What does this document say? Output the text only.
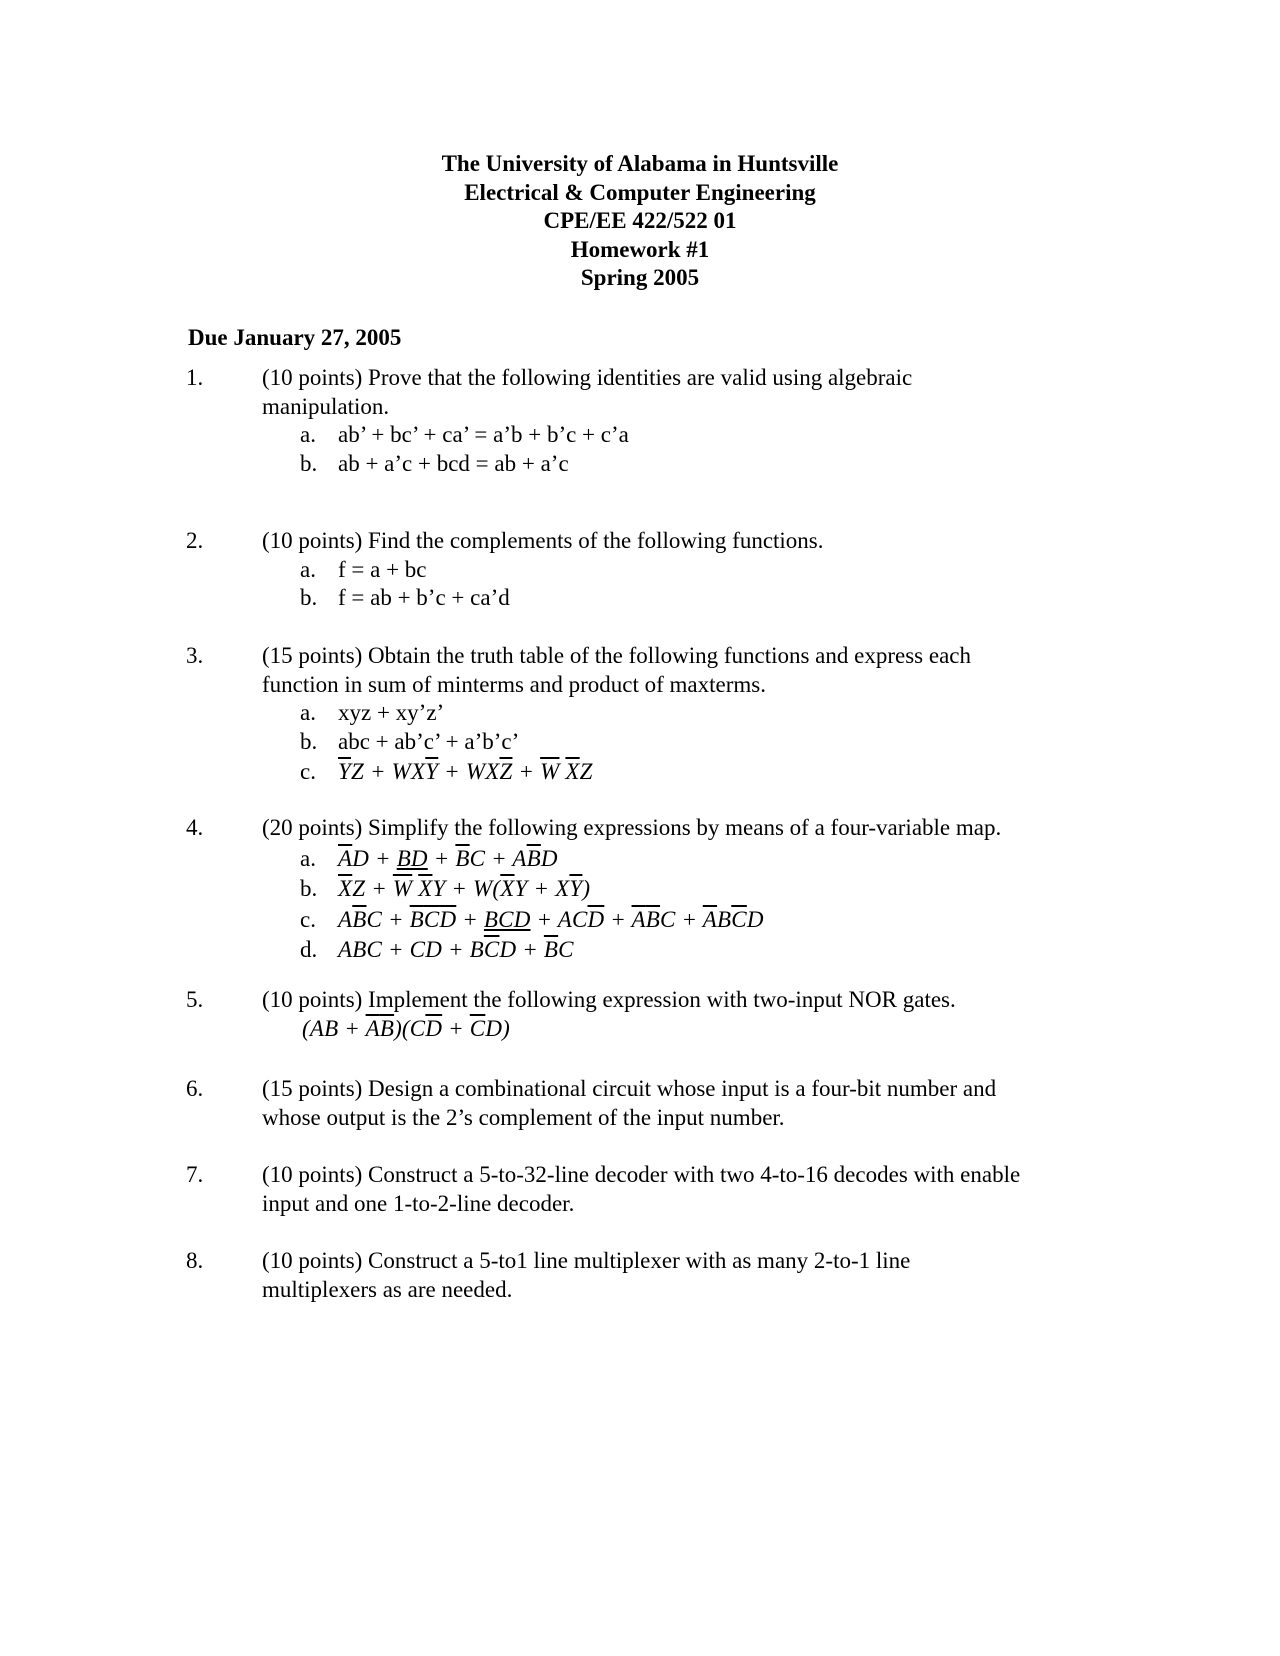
The University of Alabama in Huntsville
Electrical & Computer Engineering
CPE/EE 422/522 01
Homework #1
Spring 2005
Due January 27, 2005
1.	(10 points) Prove that the following identities are valid using algebraic
manipulation.
a. ab’ + bc’ + ca’ = a’b + b’c + c’a
b. ab + a’c + bcd = ab + a’c
2.	(10 points) Find the complements of the following functions.
a. f = a + bc
b. f = ab + b’c + ca’d
3.	(15 points) Obtain the truth table of the following functions and express each
function in sum of minterms and product of maxterms.
a. xyz + xy’z’
b. abc + ab’c’ + a’b’c’
c. $\overline{Y}Z + WX\overline{Y} + WX\overline{Z} + \overline{W}$ $\overline{X}Z$
4.	(20 points) Simplify the following expressions by means of a four-variable map.
a. $\overline{A}D$ + BD + $\overline{B}C + A\overline{B}D$
b. $\overline{X}Z + \overline{W}$ $\overline{X}Y + W(\overline{X}Y + X\overline{Y})$
c. $A\overline{B}C + \overline{B}\overline{C}\overline{D}$ + BCD + $AC\overline{D} + \overline{A}\overline{B}C + \overline{A}B\overline{C}D$
d. ABC + CD + $B\overline{C}D + \overline{B}C$
5.	(10 points) Implement the following expression with two-input NOR gates.
$(AB + \overline{A}\overline{B})(C\overline{D} + \overline{C}D)$
6.	(15 points) Design a combinational circuit whose input is a four-bit number and
whose output is the 2’s complement of the input number.
7.	(10 points) Construct a 5-to-32-line decoder with two 4-to-16 decodes with enable
input and one 1-to-2-line decoder.
8.	(10 points) Construct a 5-to1 line multiplexer with as many 2-to-1 line
multiplexers as are needed.
